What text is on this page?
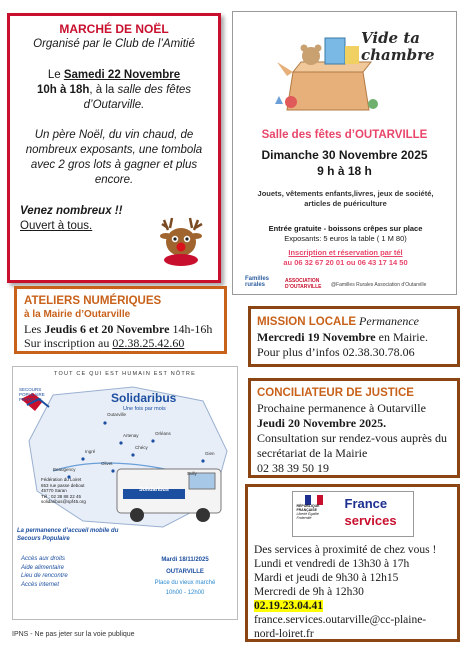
MARCHÉ DE NOËL
Organisé par le Club de l’Amitié
Le Samedi 22 Novembre
10h à 18h, à la salle des fêtes
d’Outarville.
Un père Noël, du vin chaud, de nombreux exposants, une tombola avec 2 gros lots à gagner et plus encore.
Venez nombreux !!
Ouvert à tous.
Vide ta
chambre
Salle des fêtes d’OUTARVILLE
Dimanche 30 Novembre 2025
9 h à 18 h
Jouets, vêtements enfants,livres, jeux de société, articles de puériculture
Entrée gratuite - boissons crêpes sur place
Exposants: 5 euros la table ( 1 M 80)
Inscription et réservation par tél
au 06 32 67 20 01 ou 06 43 17 14 50
Familles
rurales
ASSOCIATION
D’OUTARVILLE @Familles Rurales Association d’Outarville
ATELIERS NUMÉRIQUES
à la Mairie d’Outarville
Les Jeudis 6 et 20 Novembre 14h-16h
Sur inscription au 02.38.25.42.60
MISSION LOCALE Permanence
Mercredi 19 Novembre en Mairie.
Pour plus d’infos 02.38.30.78.06
TOUT CE QUI EST HUMAIN EST NÔTRE
SECOURS
POPULAIRE
FRANÇAIS	Solidaribus
Une fois par mois
Outarville
Artenay
Chécy
Ingré
Orléans
Beaugency
Olivet
Sully
Gien
Solidaribus
Fédération du Loiret
653 rue passe debout
45770 Saran
Tél : 02 38 88 22 45
solidaribus@spf45.org
La permanence d’accueil mobile du Secours Populaire
Accès aux droits
Aide alimentaire
Lieu de rencontre
Accès internet
Mardi 18/11/2025
OUTARVILLE
Place du vieux marché
10h00 - 12h00
CONCILIATEUR DE JUSTICE
Prochaine permanence à Outarville
Jeudi 20 Novembre 2025.
Consultation sur rendez-vous auprès du secrétariat de la Mairie
02 38 39 50 19
RÉPUBLIQUE
FRANÇAISE
Liberté Égalité Fraternité
France
services
Des services à proximité de chez vous !
Lundi et vendredi de 13h30 à 17h
Mardi et jeudi de 9h30 à 12h15
Mercredi de 9h à 12h30
02.19.23.04.41
france.services.outarville@cc-plaine-nord-loiret.fr
IPNS - Ne pas jeter sur la voie publique
